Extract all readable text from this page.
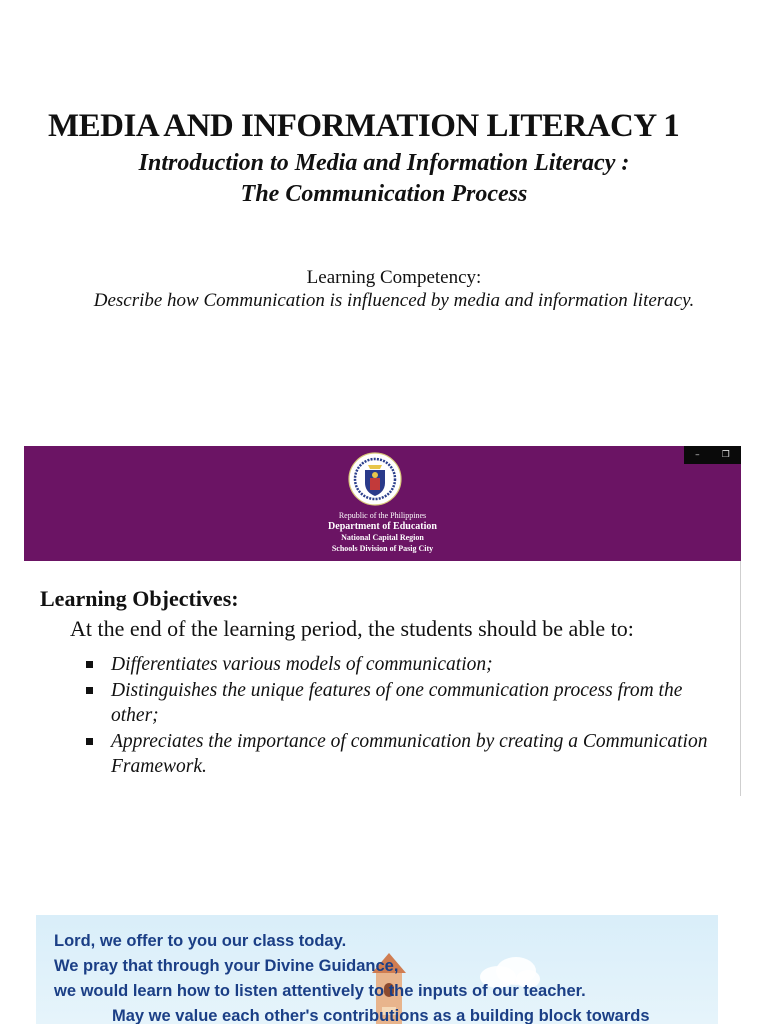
MEDIA AND INFORMATION LITERACY 1
Introduction to Media and Information Literacy :
The Communication Process
Learning Competency:
Describe how Communication is influenced by media and information literacy.
– ❐
Republic of the Philippines
Department of Education
National Capital Region
Schools Division of Pasig City
Learning Objectives:
At the end of the learning period, the students should be able to:
Differentiates various models of communication;
Distinguishes the unique features of one communication process from the other;
Appreciates the importance of communication by creating a Communication Framework.
Lord, we offer to you our class today.
We pray that through your Divine Guidance,
we would learn how to listen attentively to the inputs of our teacher.
May we value each other's contributions as a building block towards
